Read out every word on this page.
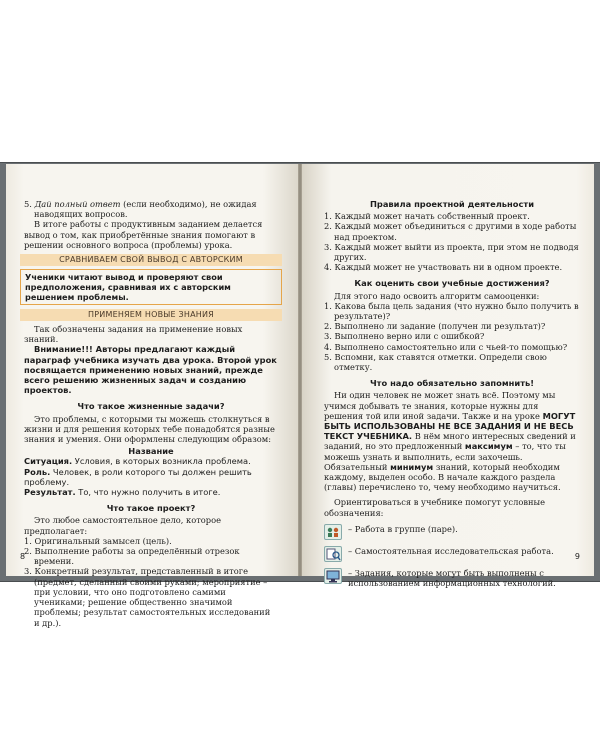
5. Дай полный ответ (если необходимо), не ожидая наводящих вопросов.

В итоге работы с продуктивным заданием делается вывод о том, как приобретённые знания помогают в решении основного вопроса (проблемы) урока.

СРАВНИВАЕМ СВОЙ ВЫВОД С АВТОРСКИМ
Ученики читают вывод и проверяют свои предположения, сравнивая их с авторским решением проблемы.
ПРИМЕНЯЕМ НОВЫЕ ЗНАНИЯ

Так обозначены задания на применение новых знаний.

Внимание!!! Авторы предлагают каждый параграф учебника изучать два урока. Второй урок посвящается применению новых знаний, прежде всего решению жизненных задач и созданию проектов.

Что такое жизненные задачи?

Это проблемы, с которыми ты можешь столкнуться в жизни и для решения которых тебе понадобятся разные знания и умения. Они оформлены следующим образом:

Название

Ситуация. Условия, в которых возникла проблема.

Роль. Человек, в роли которого ты должен решить проблему.

Результат. То, что нужно получить в итоге.

Что такое проект?

Это любое самостоятельное дело, которое предполагает:

1. Оригинальный замысел (цель).

2. Выполнение работы за определённый отрезок времени.

3. Конкретный результат, представленный в итоге (предмет, сделанный своими руками; мероприятие – при условии, что оно подготовлено самими учениками; решение общественно значимой проблемы; результат самостоятельных исследований и др.).

8
Правила проектной деятельности

1. Каждый может начать собственный проект.

2. Каждый может объединиться с другими в ходе работы над проектом.

3. Каждый может выйти из проекта, при этом не подводя других.

4. Каждый может не участвовать ни в одном проекте.

Как оценить свои учебные достижения?

Для этого надо освоить алгоритм самооценки:

1. Какова была цель задания (что нужно было получить в результате)?

2. Выполнено ли задание (получен ли результат)?

3. Выполнено верно или с ошибкой?

4. Выполнено самостоятельно или с чьей-то помощью?

5. Вспомни, как ставятся отметки. Определи свою отметку.

Что надо обязательно запомнить!

Ни один человек не может знать всё. Поэтому мы учимся добывать те знания, которые нужны для решения той или иной задачи. Также и на уроке МОГУТ БЫТЬ ИСПОЛЬЗОВАНЫ НЕ ВСЕ ЗАДАНИЯ И НЕ ВЕСЬ ТЕКСТ УЧЕБНИКА. В нём много интересных сведений и заданий, но это предложенный максимум – то, что ты можешь узнать и выполнить, если захочешь. Обязательный минимум знаний, который необходим каждому, выделен особо. В начале каждого раздела (главы) перечислено то, чему необходимо научиться.

Ориентироваться в учебнике помогут условные обозначения:

– Работа в группе (паре).
– Самостоятельная исследовательская работа.
– Задания, которые могут быть выполнены с использованием информационных технологий.
9
